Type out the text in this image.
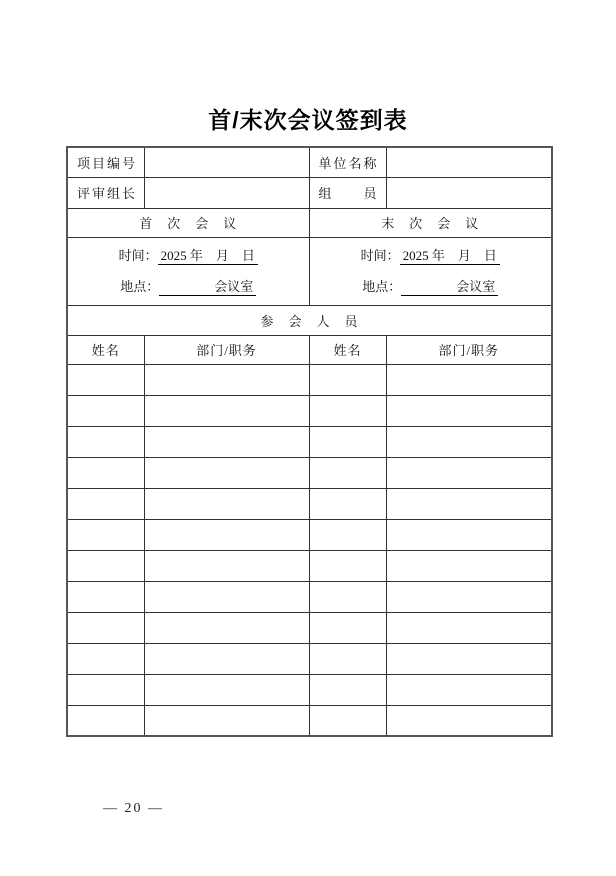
首/末次会议签到表
项目编号		单位名称	
评审组长		组　　员	
首　次　会　议		末　次　会　议	

时间： 2025 年　月　日
地点：　　　　	会议室

时间： 2025 年　月　日
地点：　　　　	会议室

参　会　人　员			
姓名	部门/职务	姓名	部门/职务

— 20 —
